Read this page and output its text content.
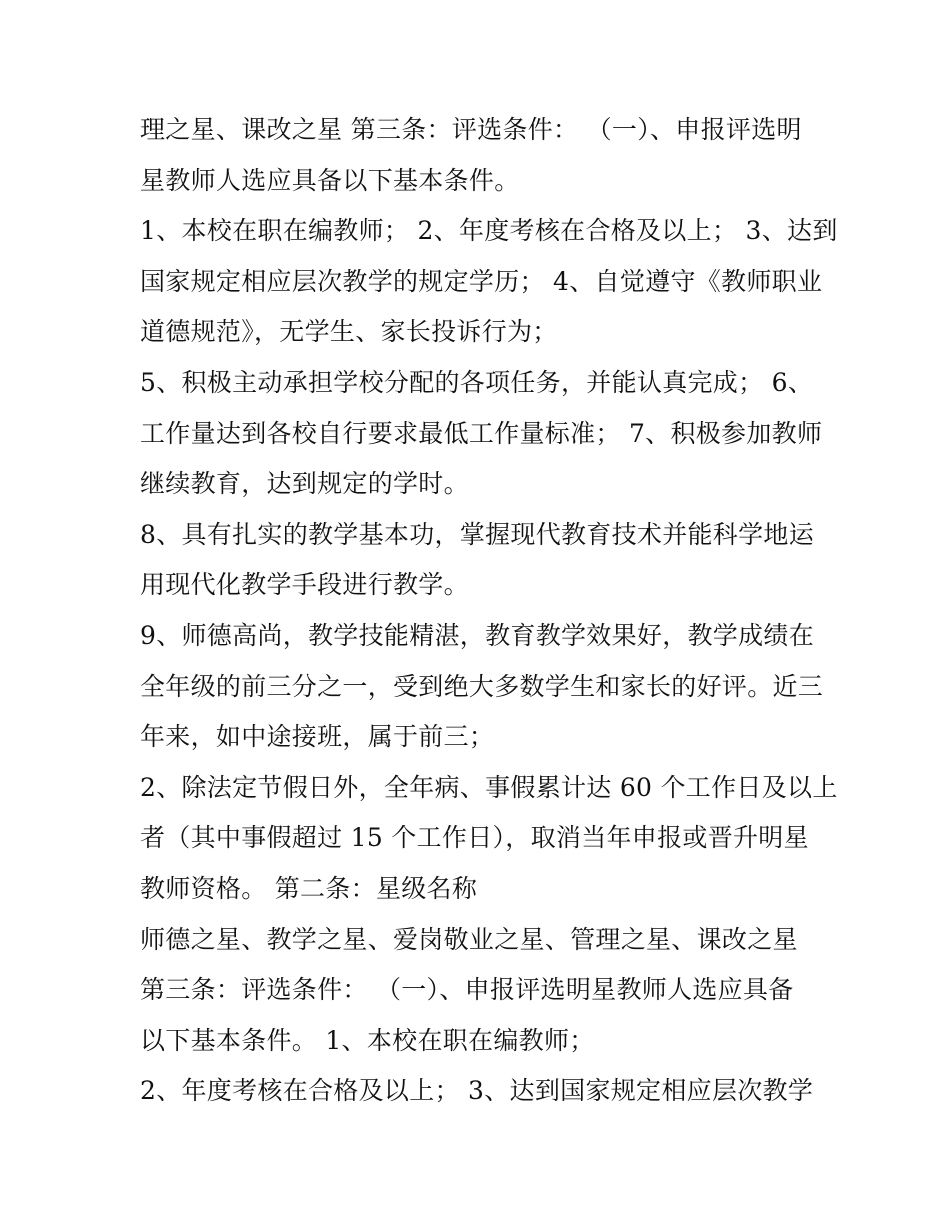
理之星、课改之星 第三条：评选条件： （一）、申报评选明
星教师人选应具备以下基本条件。
1、本校在职在编教师； 2、年度考核在合格及以上； 3、达到
国家规定相应层次教学的规定学历； 4、自觉遵守《教师职业
道德规范》，无学生、家长投诉行为；
5、积极主动承担学校分配的各项任务，并能认真完成； 6、
工作量达到各校自行要求最低工作量标准； 7、积极参加教师
继续教育，达到规定的学时。
8、具有扎实的教学基本功，掌握现代教育技术并能科学地运
用现代化教学手段进行教学。
9、师德高尚，教学技能精湛，教育教学效果好，教学成绩在
全年级的前三分之一，受到绝大多数学生和家长的好评。近三
年来，如中途接班，属于前三；
2、除法定节假日外，全年病、事假累计达 60 个工作日及以上
者（其中事假超过 15 个工作日），取消当年申报或晋升明星
教师资格。 第二条：星级名称
师德之星、教学之星、爱岗敬业之星、管理之星、课改之星
第三条：评选条件： （一）、申报评选明星教师人选应具备
以下基本条件。 1、本校在职在编教师；
2、年度考核在合格及以上； 3、达到国家规定相应层次教学
